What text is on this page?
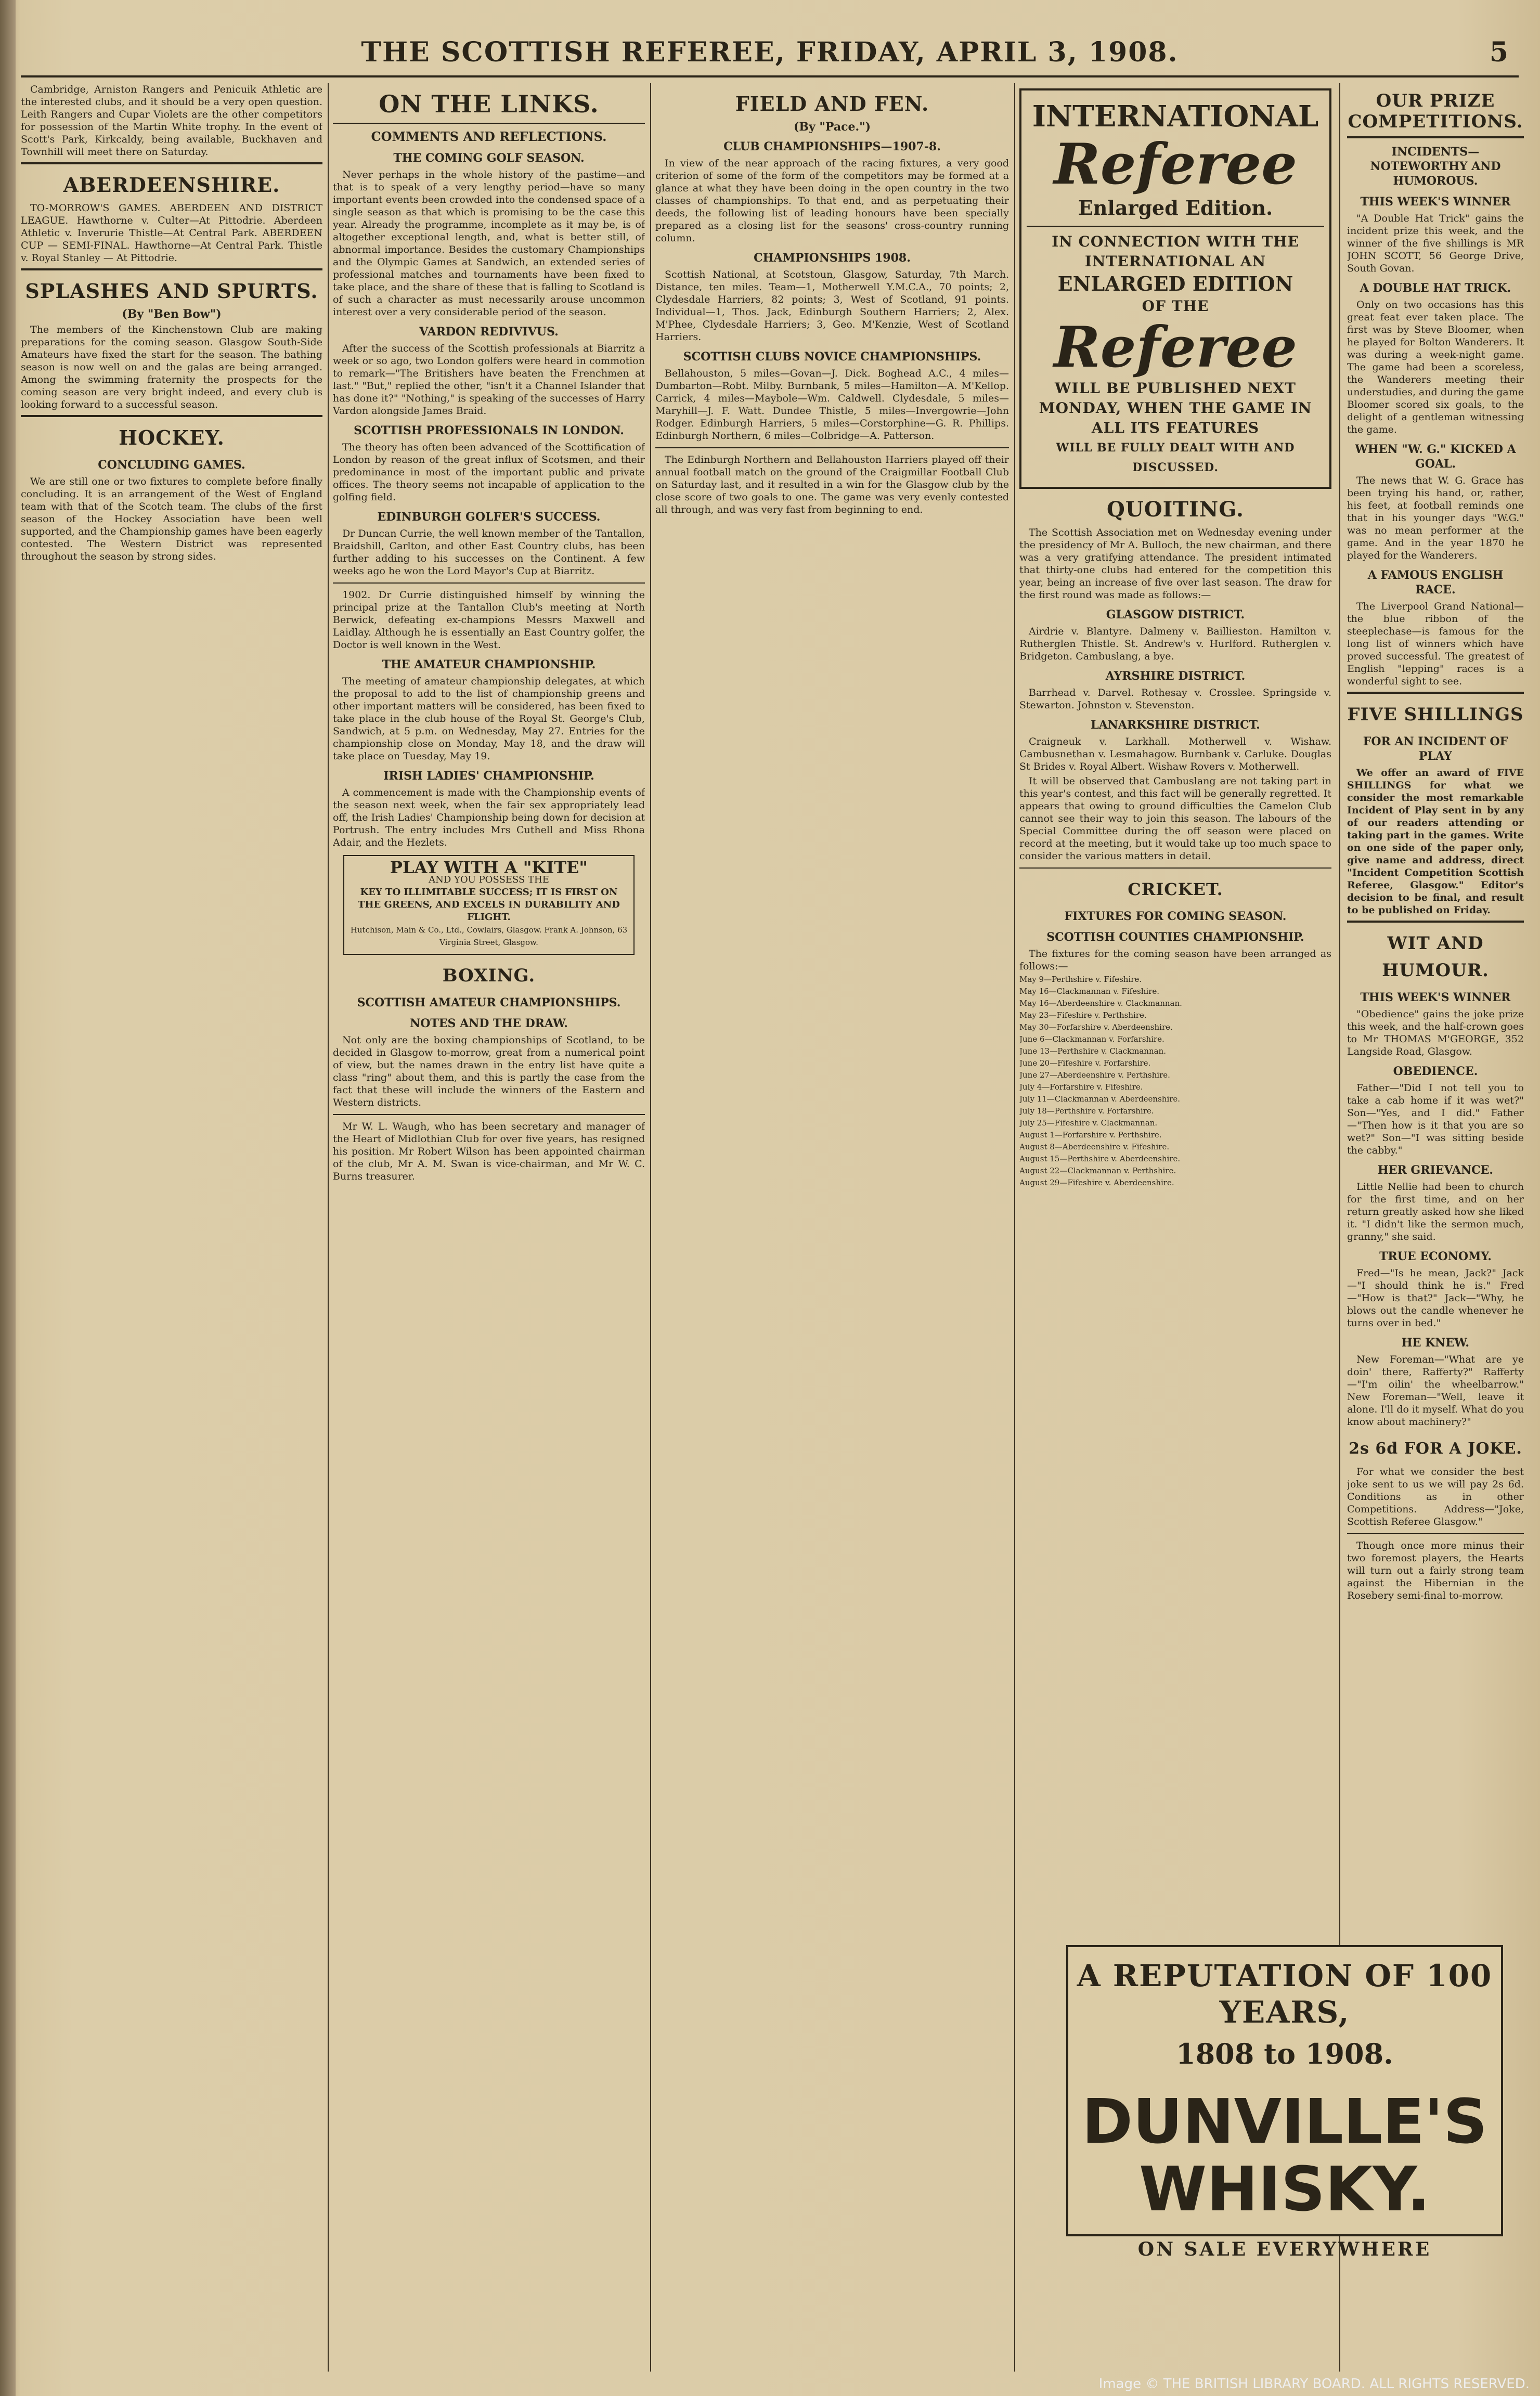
THE SCOTTISH REFEREE, FRIDAY, APRIL 3, 1908.	5

Cambridge, Arniston Rangers and Penicuik Athletic are the interested clubs, and it should be a very open question. Leith Rangers and Cupar Violets are the other competitors for possession of the Martin White trophy. In the event of Scott's Park, Kirkcaldy, being available, Buckhaven and Townhill will meet there on Saturday.

ABERDEENSHIRE.

TO-MORROW'S GAMES. ABERDEEN AND DISTRICT LEAGUE. Hawthorne v. Culter—At Pittodrie. Aberdeen Athletic v. Inverurie Thistle—At Central Park. ABERDEEN CUP — SEMI-FINAL. Hawthorne—At Central Park. Thistle v. Royal Stanley — At Pittodrie.

SPLASHES AND SPURTS.
(By "Ben Bow")

The members of the Kinchenstown Club are making preparations for the coming season. Glasgow South-Side Amateurs have fixed the start for the season. The bathing season is now well on and the galas are being arranged. Among the swimming fraternity the prospects for the coming season are very bright indeed, and every club is looking forward to a successful season.

HOCKEY.
CONCLUDING GAMES.

We are still one or two fixtures to complete before finally concluding. It is an arrangement of the West of England team with that of the Scotch team. The clubs of the first season of the Hockey Association have been well supported, and the Championship games have been eagerly contested. The Western District was represented throughout the season by strong sides.

ON THE LINKS.
COMMENTS AND REFLECTIONS.
THE COMING GOLF SEASON.

Never perhaps in the whole history of the pastime—and that is to speak of a very lengthy period—have so many important events been crowded into the condensed space of a single season as that which is promising to be the case this year. Already the programme, incomplete as it may be, is of altogether exceptional length, and, what is better still, of abnormal importance. Besides the customary Championships and the Olympic Games at Sandwich, an extended series of professional matches and tournaments have been fixed to take place, and the share of these that is falling to Scotland is of such a character as must necessarily arouse uncommon interest over a very considerable period of the season.

VARDON REDIVIVUS.

After the success of the Scottish professionals at Biarritz a week or so ago, two London golfers were heard in commotion to remark—"The Britishers have beaten the Frenchmen at last." "But," replied the other, "isn't it a Channel Islander that has done it?" "Nothing," is speaking of the successes of Harry Vardon alongside James Braid.

SCOTTISH PROFESSIONALS IN LONDON.

The theory has often been advanced of the Scottification of London by reason of the great influx of Scotsmen, and their predominance in most of the important public and private offices. The theory seems not incapable of application to the golfing field.

EDINBURGH GOLFER'S SUCCESS.

Dr Duncan Currie, the well known member of the Tantallon, Braidshill, Carlton, and other East Country clubs, has been further adding to his successes on the Continent. A few weeks ago he won the Lord Mayor's Cup at Biarritz.

1902. Dr Currie distinguished himself by winning the principal prize at the Tantallon Club's meeting at North Berwick, defeating ex-champions Messrs Maxwell and Laidlay. Although he is essentially an East Country golfer, the Doctor is well known in the West.

THE AMATEUR CHAMPIONSHIP.

The meeting of amateur championship delegates, at which the proposal to add to the list of championship greens and other important matters will be considered, has been fixed to take place in the club house of the Royal St. George's Club, Sandwich, at 5 p.m. on Wednesday, May 27. Entries for the championship close on Monday, May 18, and the draw will take place on Tuesday, May 19.

IRISH LADIES' CHAMPIONSHIP.

A commencement is made with the Championship events of the season next week, when the fair sex appropriately lead off, the Irish Ladies' Championship being down for decision at Portrush. The entry includes Mrs Cuthell and Miss Rhona Adair, and the Hezlets.

PLAY WITH A "KITE"
AND YOU POSSESS THE
KEY TO ILLIMITABLE SUCCESS; IT IS FIRST ON THE GREENS, AND EXCELS IN DURABILITY AND FLIGHT.
Hutchison, Main & Co., Ltd., Cowlairs, Glasgow. Frank A. Johnson, 63 Virginia Street, Glasgow.
BOXING.
SCOTTISH AMATEUR CHAMPIONSHIPS.
NOTES AND THE DRAW.

Not only are the boxing championships of Scotland, to be decided in Glasgow to-morrow, great from a numerical point of view, but the names drawn in the entry list have quite a class "ring" about them, and this is partly the case from the fact that these will include the winners of the Eastern and Western districts.

Mr W. L. Waugh, who has been secretary and manager of the Heart of Midlothian Club for over five years, has resigned his position. Mr Robert Wilson has been appointed chairman of the club, Mr A. M. Swan is vice-chairman, and Mr W. C. Burns treasurer.

FIELD AND FEN.
(By "Pace.")
CLUB CHAMPIONSHIPS—1907-8.

In view of the near approach of the racing fixtures, a very good criterion of some of the form of the competitors may be formed at a glance at what they have been doing in the open country in the two classes of championships. To that end, and as perpetuating their deeds, the following list of leading honours have been specially prepared as a closing list for the seasons' cross-country running column.

CHAMPIONSHIPS 1908.

Scottish National, at Scotstoun, Glasgow, Saturday, 7th March. Distance, ten miles. Team—1, Motherwell Y.M.C.A., 70 points; 2, Clydesdale Harriers, 82 points; 3, West of Scotland, 91 points. Individual—1, Thos. Jack, Edinburgh Southern Harriers; 2, Alex. M'Phee, Clydesdale Harriers; 3, Geo. M'Kenzie, West of Scotland Harriers.

SCOTTISH CLUBS NOVICE CHAMPIONSHIPS.

Bellahouston, 5 miles—Govan—J. Dick. Boghead A.C., 4 miles—Dumbarton—Robt. Milby. Burnbank, 5 miles—Hamilton—A. M'Kellop. Carrick, 4 miles—Maybole—Wm. Caldwell. Clydesdale, 5 miles—Maryhill—J. F. Watt. Dundee Thistle, 5 miles—Invergowrie—John Rodger. Edinburgh Harriers, 5 miles—Corstorphine—G. R. Phillips. Edinburgh Northern, 6 miles—Colbridge—A. Patterson.

The Edinburgh Northern and Bellahouston Harriers played off their annual football match on the ground of the Craigmillar Football Club on Saturday last, and it resulted in a win for the Glasgow club by the close score of two goals to one. The game was very evenly contested all through, and was very fast from beginning to end.

INTERNATIONAL
Referee
Enlarged Edition.
IN CONNECTION WITH THE INTERNATIONAL AN
ENLARGED EDITION
OF THE
Referee
WILL BE PUBLISHED NEXT MONDAY, WHEN THE GAME IN ALL ITS FEATURES
WILL BE FULLY DEALT WITH AND DISCUSSED.
QUOITING.

The Scottish Association met on Wednesday evening under the presidency of Mr A. Bulloch, the new chairman, and there was a very gratifying attendance. The president intimated that thirty-one clubs had entered for the competition this year, being an increase of five over last season. The draw for the first round was made as follows:—

GLASGOW DISTRICT.

Airdrie v. Blantyre. Dalmeny v. Baillieston. Hamilton v. Rutherglen Thistle. St. Andrew's v. Hurlford. Rutherglen v. Bridgeton. Cambuslang, a bye.

AYRSHIRE DISTRICT.

Barrhead v. Darvel. Rothesay v. Crosslee. Springside v. Stewarton. Johnston v. Stevenston.

LANARKSHIRE DISTRICT.

Craigneuk v. Larkhall. Motherwell v. Wishaw. Cambusnethan v. Lesmahagow. Burnbank v. Carluke. Douglas St Brides v. Royal Albert. Wishaw Rovers v. Motherwell.

It will be observed that Cambuslang are not taking part in this year's contest, and this fact will be generally regretted. It appears that owing to ground difficulties the Camelon Club cannot see their way to join this season. The labours of the Special Committee during the off season were placed on record at the meeting, but it would take up too much space to consider the various matters in detail.

CRICKET.
FIXTURES FOR COMING SEASON.
SCOTTISH COUNTIES CHAMPIONSHIP.

The fixtures for the coming season have been arranged as follows:—

May 9—Perthshire v. Fifeshire.

May 16—Clackmannan v. Fifeshire.

May 16—Aberdeenshire v. Clackmannan.

May 23—Fifeshire v. Perthshire.

May 30—Forfarshire v. Aberdeenshire.

June 6—Clackmannan v. Forfarshire.

June 13—Perthshire v. Clackmannan.

June 20—Fifeshire v. Forfarshire.

June 27—Aberdeenshire v. Perthshire.

July 4—Forfarshire v. Fifeshire.

July 11—Clackmannan v. Aberdeenshire.

July 18—Perthshire v. Forfarshire.

July 25—Fifeshire v. Clackmannan.

August 1—Forfarshire v. Perthshire.

August 8—Aberdeenshire v. Fifeshire.

August 15—Perthshire v. Aberdeenshire.

August 22—Clackmannan v. Perthshire.

August 29—Fifeshire v. Aberdeenshire.

OUR PRIZE COMPETITIONS.
INCIDENTS—NOTEWORTHY AND HUMOROUS.
THIS WEEK'S WINNER

"A Double Hat Trick" gains the incident prize this week, and the winner of the five shillings is MR JOHN SCOTT, 56 George Drive, South Govan.

A DOUBLE HAT TRICK.

Only on two occasions has this great feat ever taken place. The first was by Steve Bloomer, when he played for Bolton Wanderers. It was during a week-night game. The game had been a scoreless, the Wanderers meeting their understudies, and during the game Bloomer scored six goals, to the delight of a gentleman witnessing the game.

WHEN "W. G." KICKED A GOAL.

The news that W. G. Grace has been trying his hand, or, rather, his feet, at football reminds one that in his younger days "W.G." was no mean performer at the game. And in the year 1870 he played for the Wanderers.

A FAMOUS ENGLISH RACE.

The Liverpool Grand National—the blue ribbon of the steeplechase—is famous for the long list of winners which have proved successful. The greatest of English "lepping" races is a wonderful sight to see.

FIVE SHILLINGS
FOR AN INCIDENT OF PLAY

We offer an award of FIVE SHILLINGS for what we consider the most remarkable Incident of Play sent in by any of our readers attending or taking part in the games. Write on one side of the paper only, give name and address, direct "Incident Competition Scottish Referee, Glasgow." Editor's decision to be final, and result to be published on Friday.

WIT AND HUMOUR.
THIS WEEK'S WINNER

"Obedience" gains the joke prize this week, and the half-crown goes to Mr THOMAS M'GEORGE, 352 Langside Road, Glasgow.

OBEDIENCE.

Father—"Did I not tell you to take a cab home if it was wet?" Son—"Yes, and I did." Father—"Then how is it that you are so wet?" Son—"I was sitting beside the cabby."

HER GRIEVANCE.

Little Nellie had been to church for the first time, and on her return greatly asked how she liked it. "I didn't like the sermon much, granny," she said.

TRUE ECONOMY.

Fred—"Is he mean, Jack?" Jack—"I should think he is." Fred—"How is that?" Jack—"Why, he blows out the candle whenever he turns over in bed."

HE KNEW.

New Foreman—"What are ye doin' there, Rafferty?" Rafferty—"I'm oilin' the wheelbarrow." New Foreman—"Well, leave it alone. I'll do it myself. What do you know about machinery?"

2s 6d FOR A JOKE.

For what we consider the best joke sent to us we will pay 2s 6d. Conditions as in other Competitions. Address—"Joke, Scottish Referee Glasgow."

Though once more minus their two foremost players, the Hearts will turn out a fairly strong team against the Hibernian in the Rosebery semi-final to-morrow.

A REPUTATION OF 100 YEARS,
1808 to 1908.
DUNVILLE'S WHISKY.
ON SALE EVERYWHERE
Image © THE BRITISH LIBRARY BOARD. ALL RIGHTS RESERVED.
